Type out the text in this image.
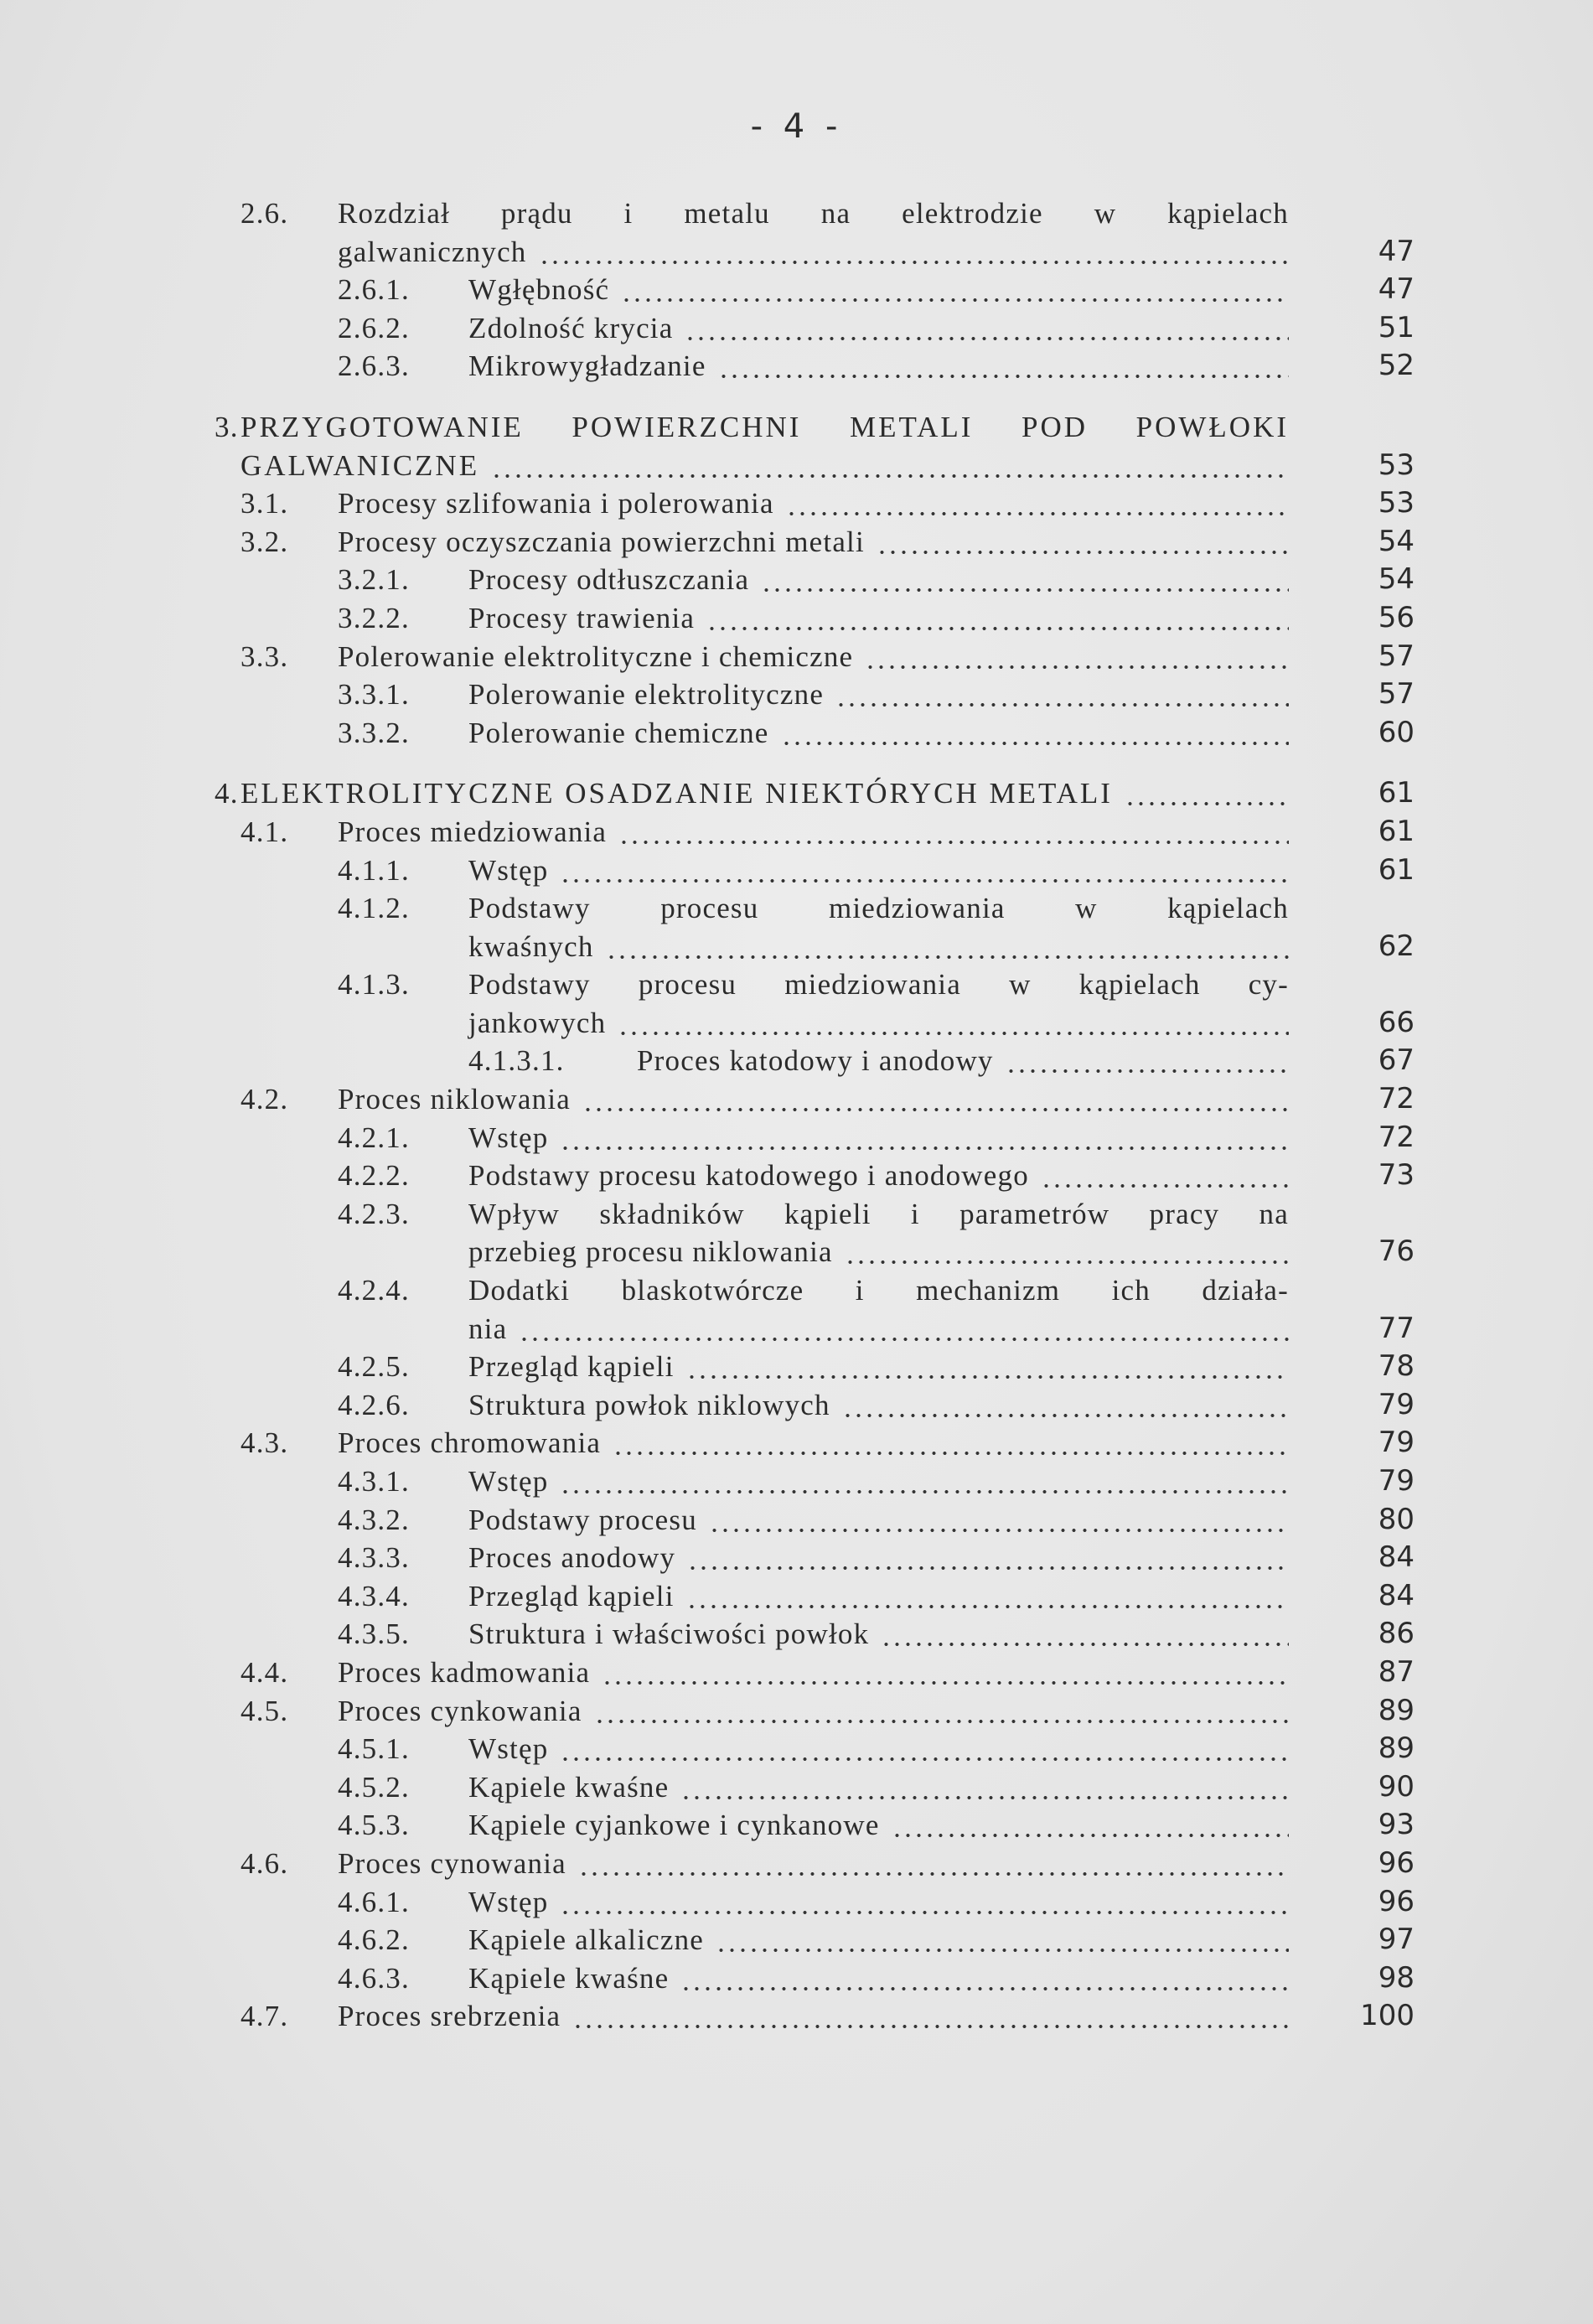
- 4 -
2.6. Rozdział prądu i metalu na elektrodzie w kąpielach
galwanicznych	47
2.6.1. Wgłębność	47
2.6.2. Zdolność krycia	51
2.6.3. Mikrowygładzanie	52
3. PRZYGOTOWANIE POWIERZCHNI METALI POD POWŁOKI
GALWANICZNE	53
3.1. Procesy szlifowania i polerowania	53
3.2. Procesy oczyszczania powierzchni metali	54
3.2.1. Procesy odtłuszczania	54
3.2.2. Procesy trawienia	56
3.3. Polerowanie elektrolityczne i chemiczne	57
3.3.1. Polerowanie elektrolityczne	57
3.3.2. Polerowanie chemiczne	60
4. ELEKTROLITYCZNE OSADZANIE NIEKTÓRYCH METALI	61
4.1. Proces miedziowania	61
4.1.1. Wstęp	61
4.1.2. Podstawy procesu miedziowania w kąpielach
kwaśnych	62
4.1.3. Podstawy procesu miedziowania w kąpielach cy-
jankowych	66
4.1.3.1. Proces katodowy i anodowy	67
4.2. Proces niklowania	72
4.2.1. Wstęp	72
4.2.2. Podstawy procesu katodowego i anodowego	73
4.2.3. Wpływ składników kąpieli i parametrów pracy na
przebieg procesu niklowania	76
4.2.4. Dodatki blaskotwórcze i mechanizm ich działa-
nia	77
4.2.5. Przegląd kąpieli	78
4.2.6. Struktura powłok niklowych	79
4.3. Proces chromowania	79
4.3.1. Wstęp	79
4.3.2. Podstawy procesu	80
4.3.3. Proces anodowy	84
4.3.4. Przegląd kąpieli	84
4.3.5. Struktura i właściwości powłok	86
4.4. Proces kadmowania	87
4.5. Proces cynkowania	89
4.5.1. Wstęp	89
4.5.2. Kąpiele kwaśne	90
4.5.3. Kąpiele cyjankowe i cynkanowe	93
4.6. Proces cynowania	96
4.6.1. Wstęp	96
4.6.2. Kąpiele alkaliczne	97
4.6.3. Kąpiele kwaśne	98
4.7. Proces srebrzenia	100
